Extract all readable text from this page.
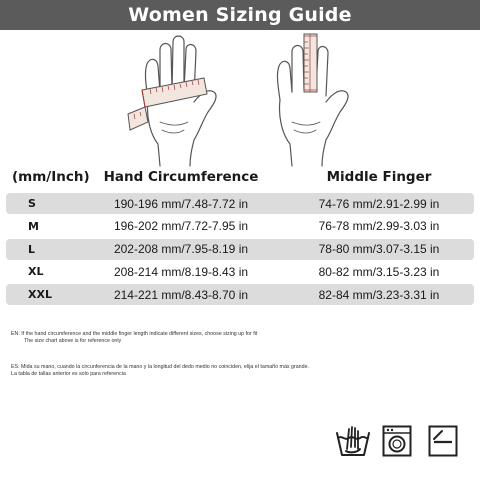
Women Sizing Guide
(mm/Inch)	Hand Circumference	Middle Finger
S	190-196 mm/7.48-7.72 in	74-76 mm/2.91-2.99 in
M	196-202 mm/7.72-7.95 in	76-78 mm/2.99-3.03 in
L	202-208 mm/7.95-8.19 in	78-80 mm/3.07-3.15 in
XL	208-214 mm/8.19-8.43 in	80-82 mm/3.15-3.23 in
XXL	214-221 mm/8.43-8.70 in	82-84 mm/3.23-3.31 in
EN: If the hand circumference and the middle finger length indicate different sizes, choose sizing up for fit
The size chart above is for reference only
ES: Mida su mano, cuando la circunferencia de la mano y la longitud del dedo medio no coinciden, elija el tamaño más grande.
La tabla de tallas anterior es solo para referencia
